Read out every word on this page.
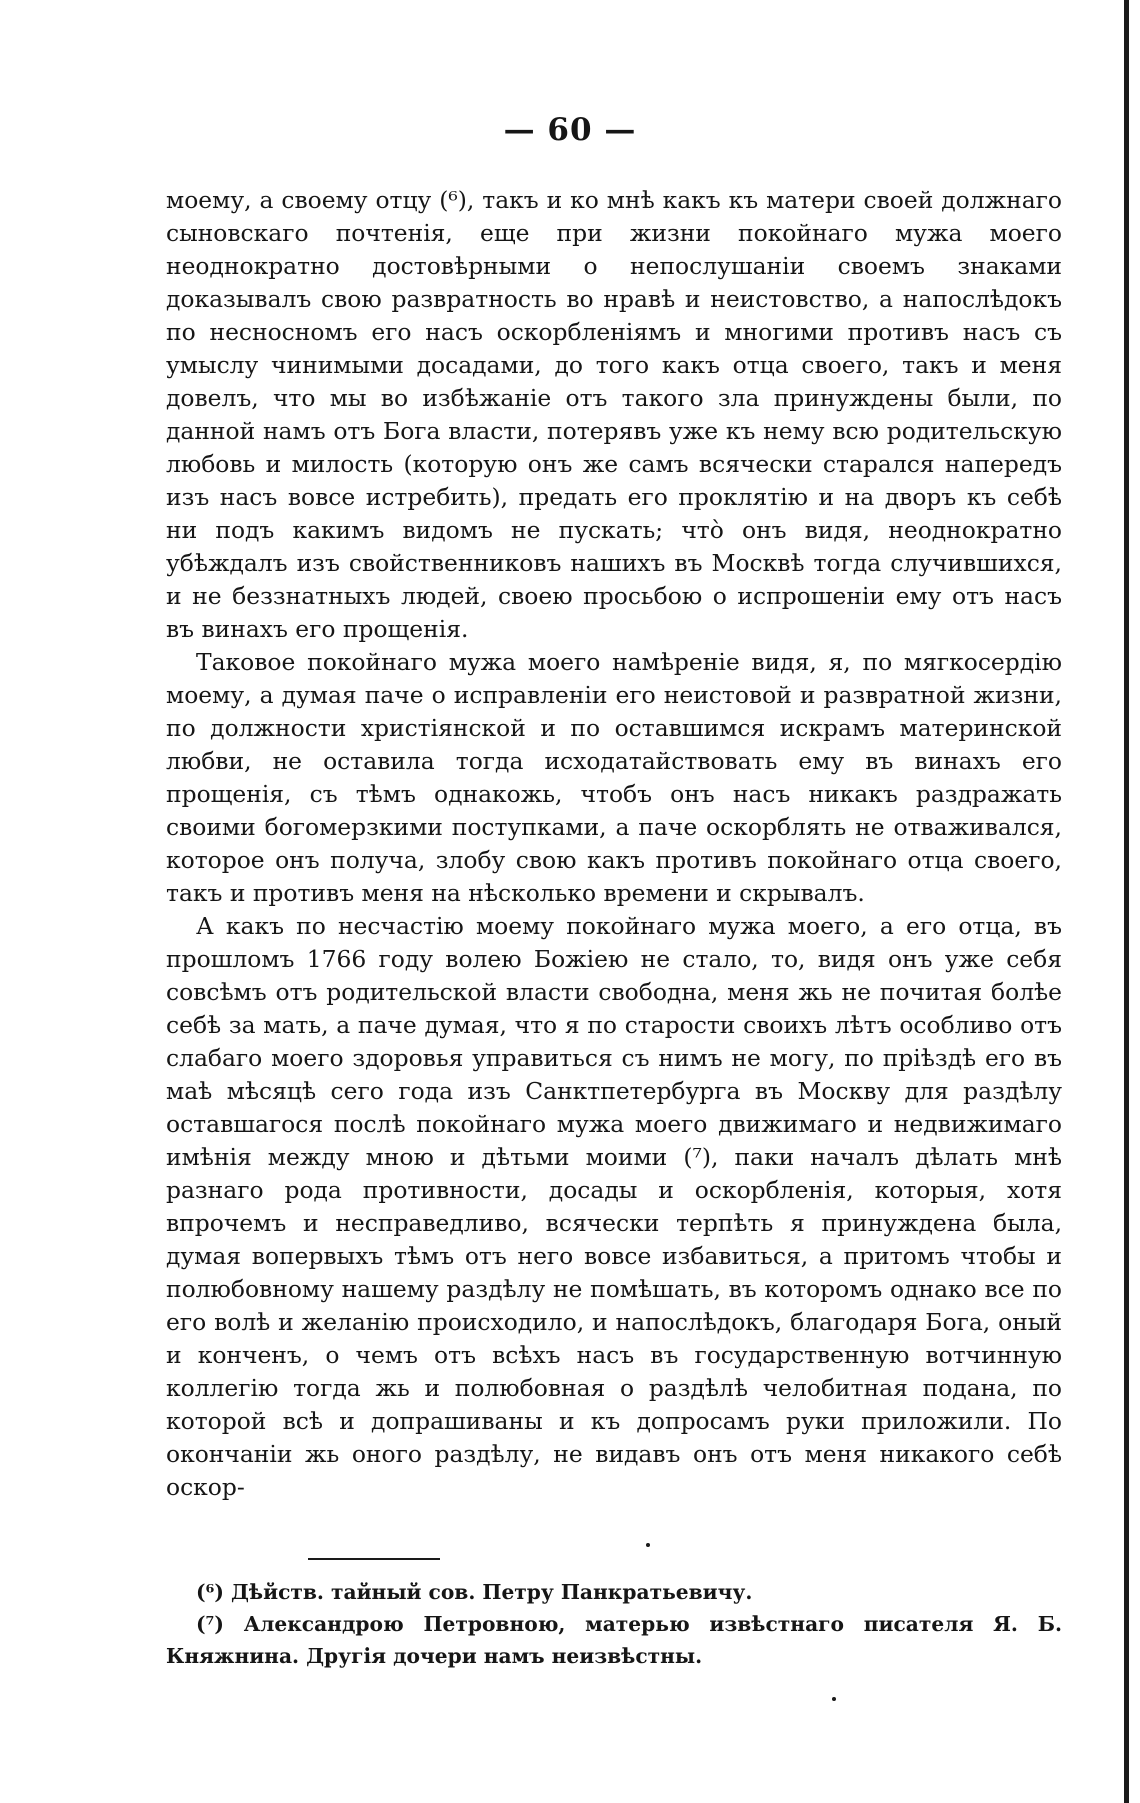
— 60 —

моему, а своему отцу (⁶), такъ и ко мнѣ какъ къ матери своей должнаго сыновскаго почтенія, еще при жизни покойнаго мужа моего неоднократно достовѣрными о непослушаніи своемъ знаками доказывалъ свою развратность во нравѣ и неистовство, а напослѣдокъ по несносномъ его насъ оскорбленіямъ и многими противъ насъ съ умыслу чинимыми досадами, до того какъ отца своего, такъ и меня довелъ, что мы во избѣжаніе отъ такого зла принуждены были, по данной намъ отъ Бога власти, потерявъ уже къ нему всю родительскую любовь и милость (которую онъ же самъ всячески старался напередъ изъ насъ вовсе истребить), предать его проклятію и на дворъ къ себѣ ни подъ какимъ видомъ не пускать; что̀ онъ видя, неоднократно убѣждалъ изъ свойственниковъ нашихъ въ Москвѣ тогда случившихся, и не беззнатныхъ людей, своею просьбою о испрошеніи ему отъ насъ въ винахъ его прощенія.

Таковое покойнаго мужа моего намѣреніе видя, я, по мягкосердію моему, а думая паче о исправленіи его неистовой и развратной жизни, по должности христіянской и по оставшимся искрамъ материнской любви, не оставила тогда исходатайствовать ему въ винахъ его прощенія, съ тѣмъ однакожь, чтобъ онъ насъ никакъ раздражать своими богомерзкими поступками, а паче оскорблять не отваживался, которое онъ получа, злобу свою какъ противъ покойнаго отца своего, такъ и противъ меня на нѣсколько времени и скрывалъ.

А какъ по несчастію моему покойнаго мужа моего, а его отца, въ прошломъ 1766 году волею Божіею не стало, то, видя онъ уже себя совсѣмъ отъ родительской власти свободна, меня жь не почитая болѣе себѣ за мать, а паче думая, что я по старости своихъ лѣтъ особливо отъ слабаго моего здоровья управиться съ нимъ не могу, по пріѣздѣ его въ маѣ мѣсяцѣ сего года изъ Санктпетербурга въ Москву для раздѣлу оставшагося послѣ покойнаго мужа моего движимаго и недвижимаго имѣнія между мною и дѣтьми моими (⁷), паки началъ дѣлать мнѣ разнаго рода противности, досады и оскорбленія, которыя, хотя впрочемъ и несправедливо, всячески терпѣть я принуждена была, думая вопервыхъ тѣмъ отъ него вовсе избавиться, а притомъ чтобы и полюбовному нашему раздѣлу не помѣшать, въ которомъ однако все по его волѣ и желанію происходило, и напослѣдокъ, благодаря Бога, оный и конченъ, о чемъ отъ всѣхъ насъ въ государственную вотчинную коллегію тогда жь и полюбовная о раздѣлѣ челобитная подана, по которой всѣ и допрашиваны и къ допросамъ руки приложили. По окончаніи жь оного раздѣлу, не видавъ онъ отъ меня никакого себѣ оскор-

(⁶) Дѣйств. тайный сов. Петру Панкратьевичу.

(⁷) Александрою Петровною, матерью извѣстнаго писателя Я. Б. Княжнина. Другія дочери намъ неизвѣстны.
